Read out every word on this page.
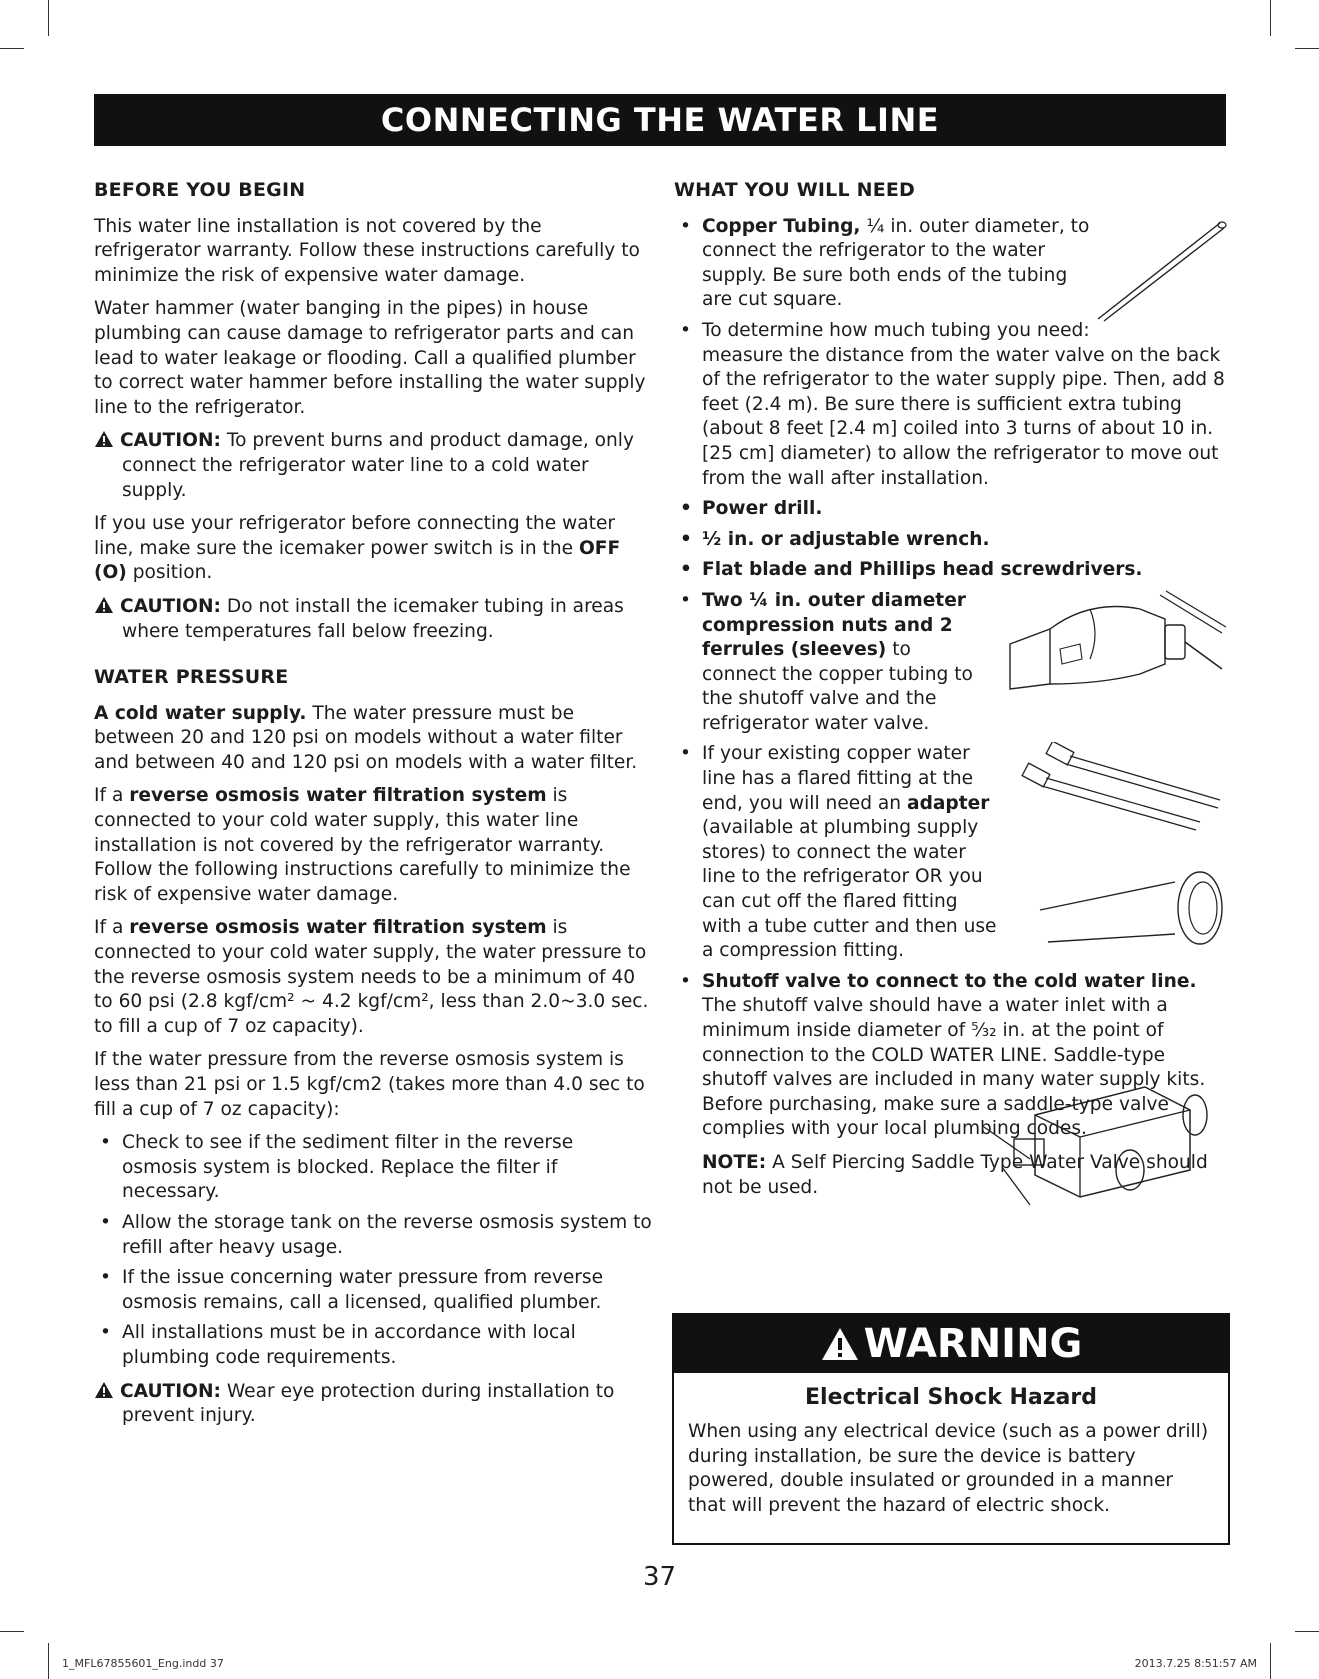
CONNECTING THE WATER LINE
BEFORE YOU BEGIN

This water line installation is not covered by the refrigerator warranty. Follow these instructions carefully to minimize the risk of expensive water damage.

Water hammer (water banging in the pipes) in house plumbing can cause damage to refrigerator parts and can lead to water leakage or flooding. Call a qualified plumber to correct water hammer before installing the water supply line to the refrigerator.

CAUTION: To prevent burns and product damage, only connect the refrigerator water line to a cold water supply.

If you use your refrigerator before connecting the water line, make sure the icemaker power switch is in the OFF (O) position.

CAUTION: Do not install the icemaker tubing in areas where temperatures fall below freezing.

WATER PRESSURE

A cold water supply. The water pressure must be between 20 and 120 psi on models without a water filter and between 40 and 120 psi on models with a water filter.

If a reverse osmosis water filtration system is connected to your cold water supply, this water line installation is not covered by the refrigerator warranty. Follow the following instructions carefully to minimize the risk of expensive water damage.

If a reverse osmosis water filtration system is connected to your cold water supply, the water pressure to the reverse osmosis system needs to be a minimum of 40 to 60 psi (2.8 kgf/cm² ~ 4.2 kgf/cm², less than 2.0~3.0 sec. to fill a cup of 7 oz capacity).

If the water pressure from the reverse osmosis system is less than 21 psi or 1.5 kgf/cm2 (takes more than 4.0 sec to fill a cup of 7 oz capacity):

• Check to see if the sediment filter in the reverse osmosis system is blocked. Replace the filter if necessary.
• Allow the storage tank on the reverse osmosis system to refill after heavy usage.
• If the issue concerning water pressure from reverse osmosis remains, call a licensed, qualified plumber.
• All installations must be in accordance with local plumbing code requirements.

CAUTION: Wear eye protection during installation to prevent injury.

WHAT YOU WILL NEED
• Copper Tubing, ¼ in. outer diameter, to connect the refrigerator to the water supply. Be sure both ends of the tubing are cut square.
• To determine how much tubing you need: measure the distance from the water valve on the back of the refrigerator to the water supply pipe. Then, add 8 feet (2.4 m). Be sure there is sufficient extra tubing (about 8 feet [2.4 m] coiled into 3 turns of about 10 in. [25 cm] diameter) to allow the refrigerator to move out from the wall after installation.
• Power drill.
• ½ in. or adjustable wrench.
• Flat blade and Phillips head screwdrivers.
• Two ¼ in. outer diameter compression nuts and 2 ferrules (sleeves) to connect the copper tubing to the shutoff valve and the refrigerator water valve.
• If your existing copper water line has a flared fitting at the end, you will need an adapter (available at plumbing supply stores) to connect the water line to the refrigerator OR you can cut off the flared fitting with a tube cutter and then use a compression fitting.
• Shutoff valve to connect to the cold water line. The shutoff valve should have a water inlet with a minimum inside diameter of ⁵⁄₃₂ in. at the point of connection to the COLD WATER LINE. Saddle-type shutoff valves are included in many water supply kits. Before purchasing, make sure a saddle-type valve complies with your local plumbing codes.

NOTE: A Self Piercing Saddle Type Water Valve should not be used.

WARNING
Electrical Shock Hazard
When using any electrical device (such as a power drill) during installation, be sure the device is battery powered, double insulated or grounded in a manner that will prevent the hazard of electric shock.
37
1_MFL67855601_Eng.indd 37	2013.7.25 8:51:57 AM
